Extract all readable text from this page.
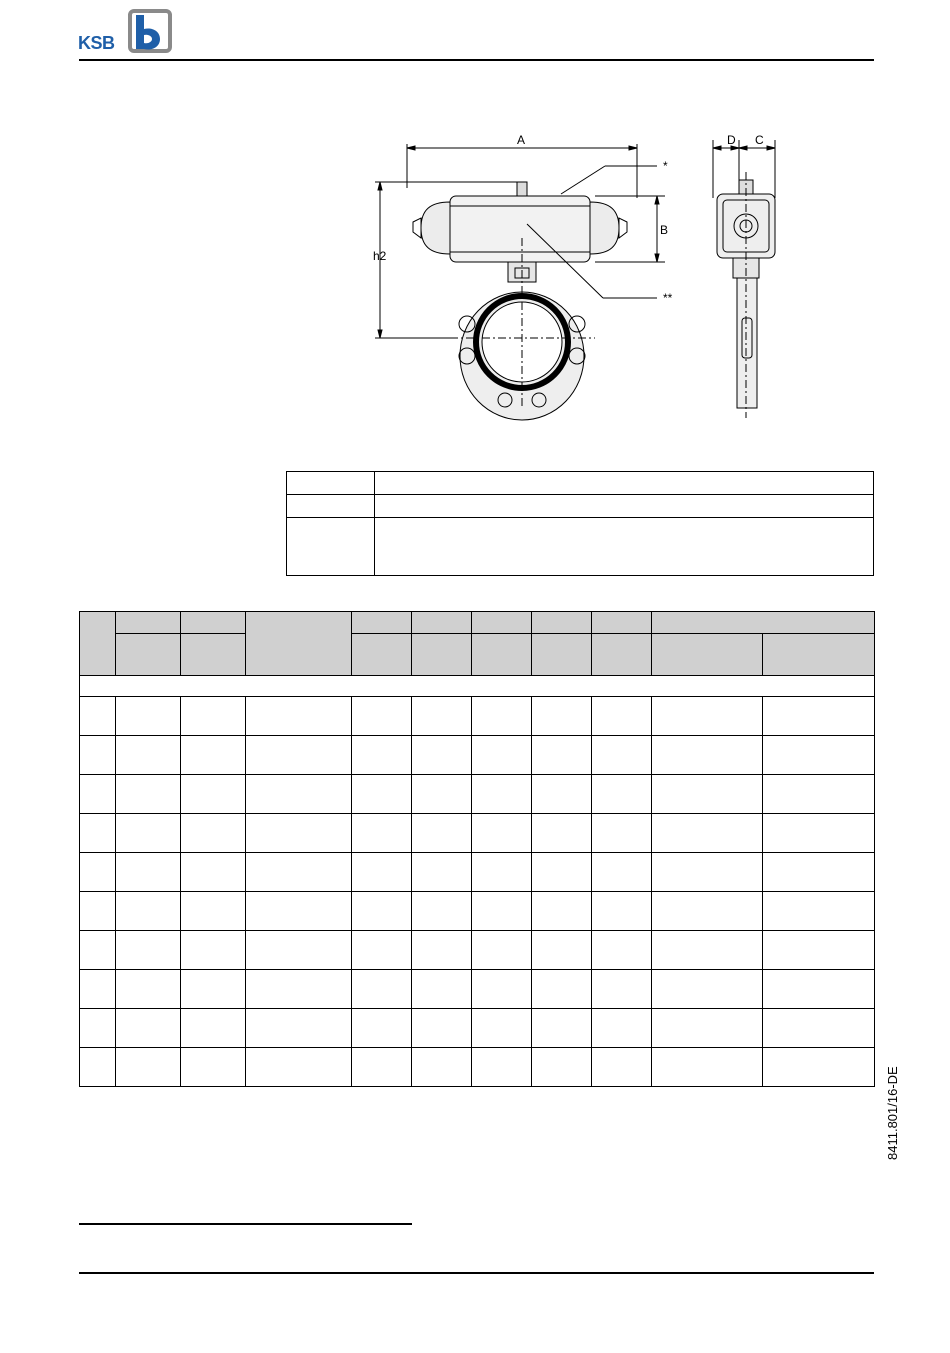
KSB
A
B
h2
D C
*
**

8411.801/16-DE
